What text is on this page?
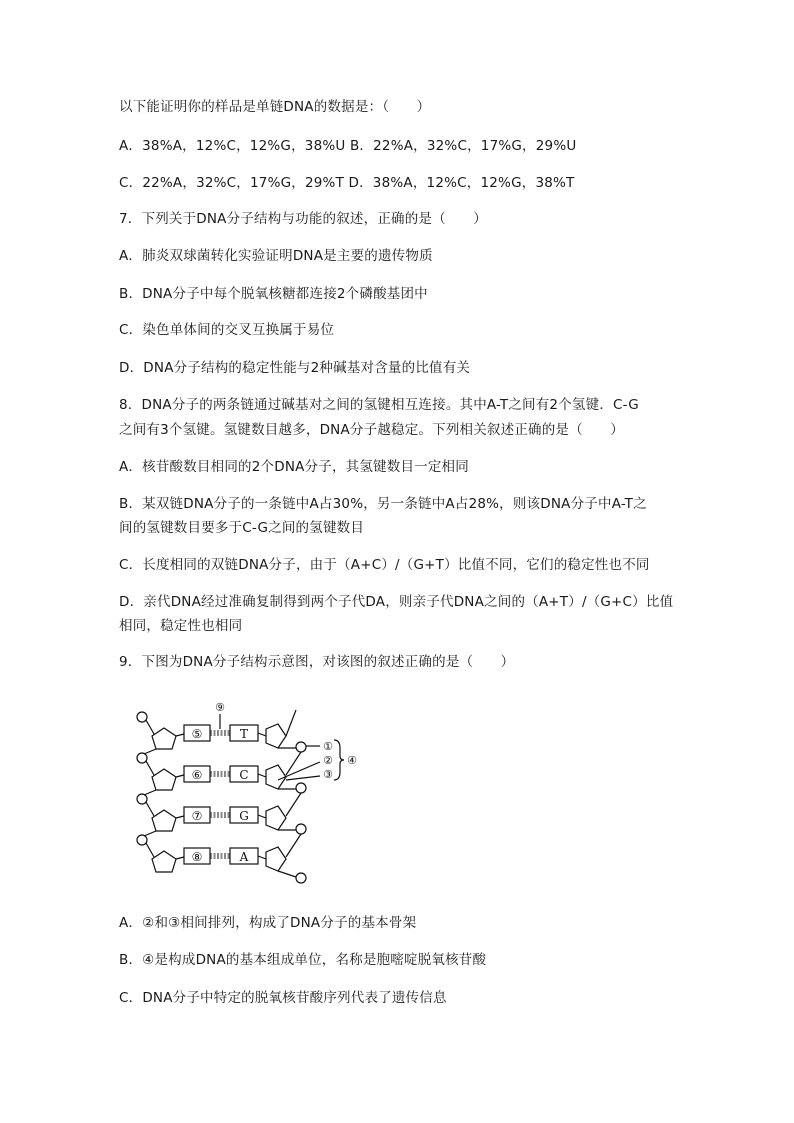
以下能证明你的样品是单链DNA的数据是：（　　）
A．38%A，12%C，12%G，38%U B．22%A，32%C，17%G，29%U
C．22%A，32%C，17%G，29%T D．38%A，12%C，12%G，38%T
7．下列关于DNA分子结构与功能的叙述，正确的是（　　）
A．肺炎双球菌转化实验证明DNA是主要的遗传物质
B．DNA分子中每个脱氧核糖都连接2个磷酸基团中
C．染色单体间的交叉互换属于易位
D．DNA分子结构的稳定性能与2种碱基对含量的比值有关
8．DNA分子的两条链通过碱基对之间的氢键相互连接。其中A-T之间有2个氢键．C-G
之间有3个氢键。氢键数目越多，DNA分子越稳定。下列相关叙述正确的是（　　）
A．核苷酸数目相同的2个DNA分子，其氢键数目一定相同
B．某双链DNA分子的一条链中A占30%，另一条链中A占28%，则该DNA分子中A-T之
间的氢键数目要多于C-G之间的氢键数目
C．长度相同的双链DNA分子，由于（A+C）/（G+T）比值不同，它们的稳定性也不同
D．亲代DNA经过准确复制得到两个子代DA，则亲子代DNA之间的（A+T）/（G+C）比值
相同，稳定性也相同
9．下图为DNA分子结构示意图，对该图的叙述正确的是（　　）
⑤
⑥
⑦
⑧
T
C
G
A
⑨
①
②
③
④
A．②和③相间排列，构成了DNA分子的基本骨架
B．④是构成DNA的基本组成单位，名称是胞嘧啶脱氧核苷酸
C．DNA分子中特定的脱氧核苷酸序列代表了遗传信息
